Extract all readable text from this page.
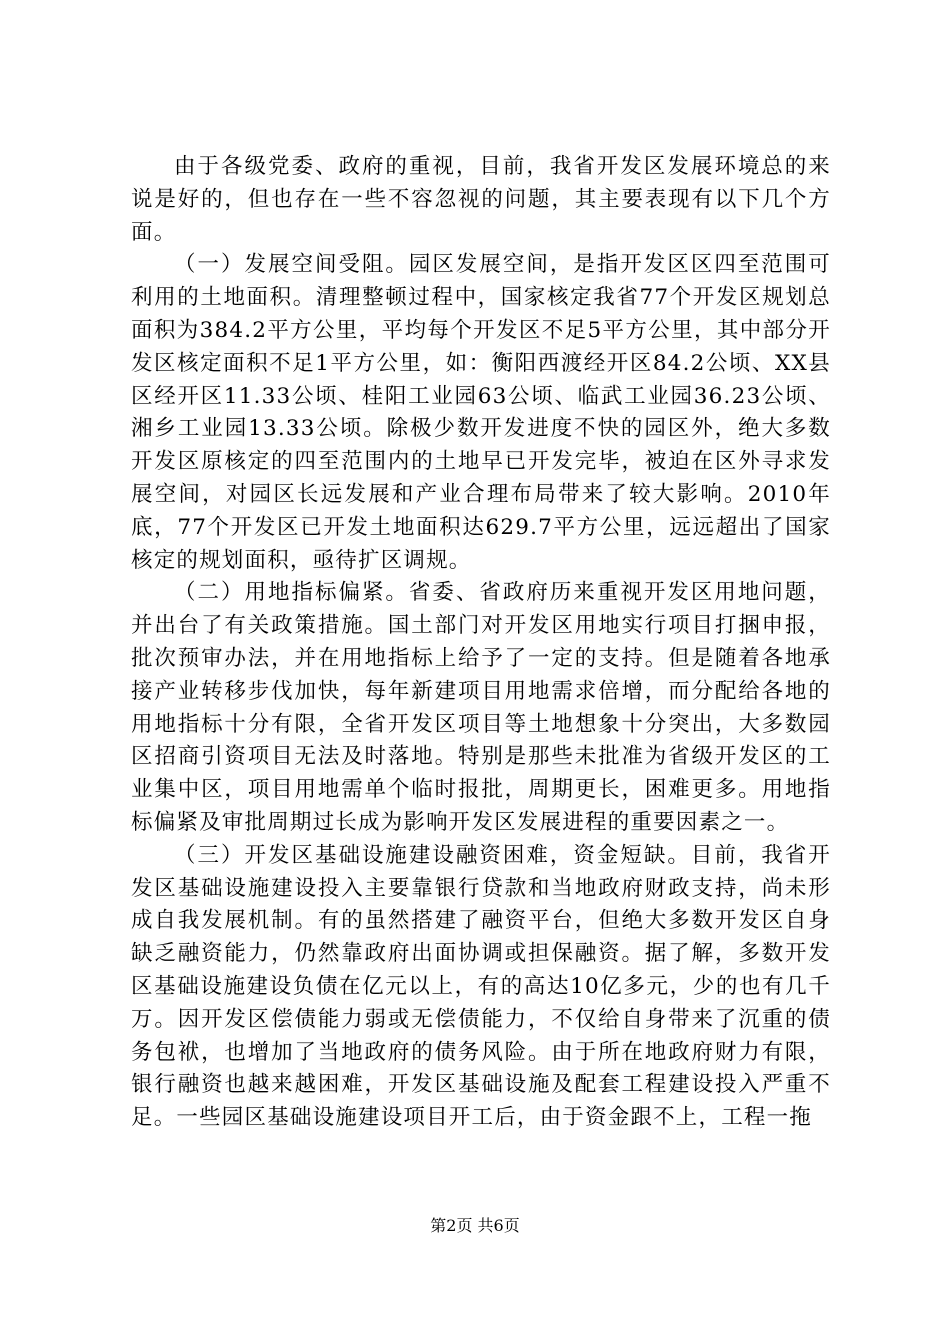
由于各级党委、政府的重视，目前，我省开发区发展环境总的来说是好的，但也存在一些不容忽视的问题，其主要表现有以下几个方面。

（一）发展空间受阻。园区发展空间，是指开发区区四至范围可利用的土地面积。清理整顿过程中，国家核定我省77个开发区规划总面积为384.2平方公里，平均每个开发区不足5平方公里，其中部分开发区核定面积不足1平方公里，如：衡阳西渡经开区84.2公顷、XX县区经开区11.33公顷、桂阳工业园63公顷、临武工业园36.23公顷、湘乡工业园13.33公顷。除极少数开发进度不快的园区外，绝大多数开发区原核定的四至范围内的土地早已开发完毕，被迫在区外寻求发展空间，对园区长远发展和产业合理布局带来了较大影响。2010年底，77个开发区已开发土地面积达629.7平方公里，远远超出了国家核定的规划面积，亟待扩区调规。

（二）用地指标偏紧。省委、省政府历来重视开发区用地问题，并出台了有关政策措施。国土部门对开发区用地实行项目打捆申报，批次预审办法，并在用地指标上给予了一定的支持。但是随着各地承接产业转移步伐加快，每年新建项目用地需求倍增，而分配给各地的用地指标十分有限，全省开发区项目等土地想象十分突出，大多数园区招商引资项目无法及时落地。特别是那些未批准为省级开发区的工业集中区，项目用地需单个临时报批，周期更长，困难更多。用地指标偏紧及审批周期过长成为影响开发区发展进程的重要因素之一。

（三）开发区基础设施建设融资困难，资金短缺。目前，我省开发区基础设施建设投入主要靠银行贷款和当地政府财政支持，尚未形成自我发展机制。有的虽然搭建了融资平台，但绝大多数开发区自身缺乏融资能力，仍然靠政府出面协调或担保融资。据了解，多数开发区基础设施建设负债在亿元以上，有的高达10亿多元，少的也有几千万。因开发区偿债能力弱或无偿债能力，不仅给自身带来了沉重的债务包袱，也增加了当地政府的债务风险。由于所在地政府财力有限，银行融资也越来越困难，开发区基础设施及配套工程建设投入严重不足。一些园区基础设施建设项目开工后，由于资金跟不上，工程一拖

第2页 共6页
